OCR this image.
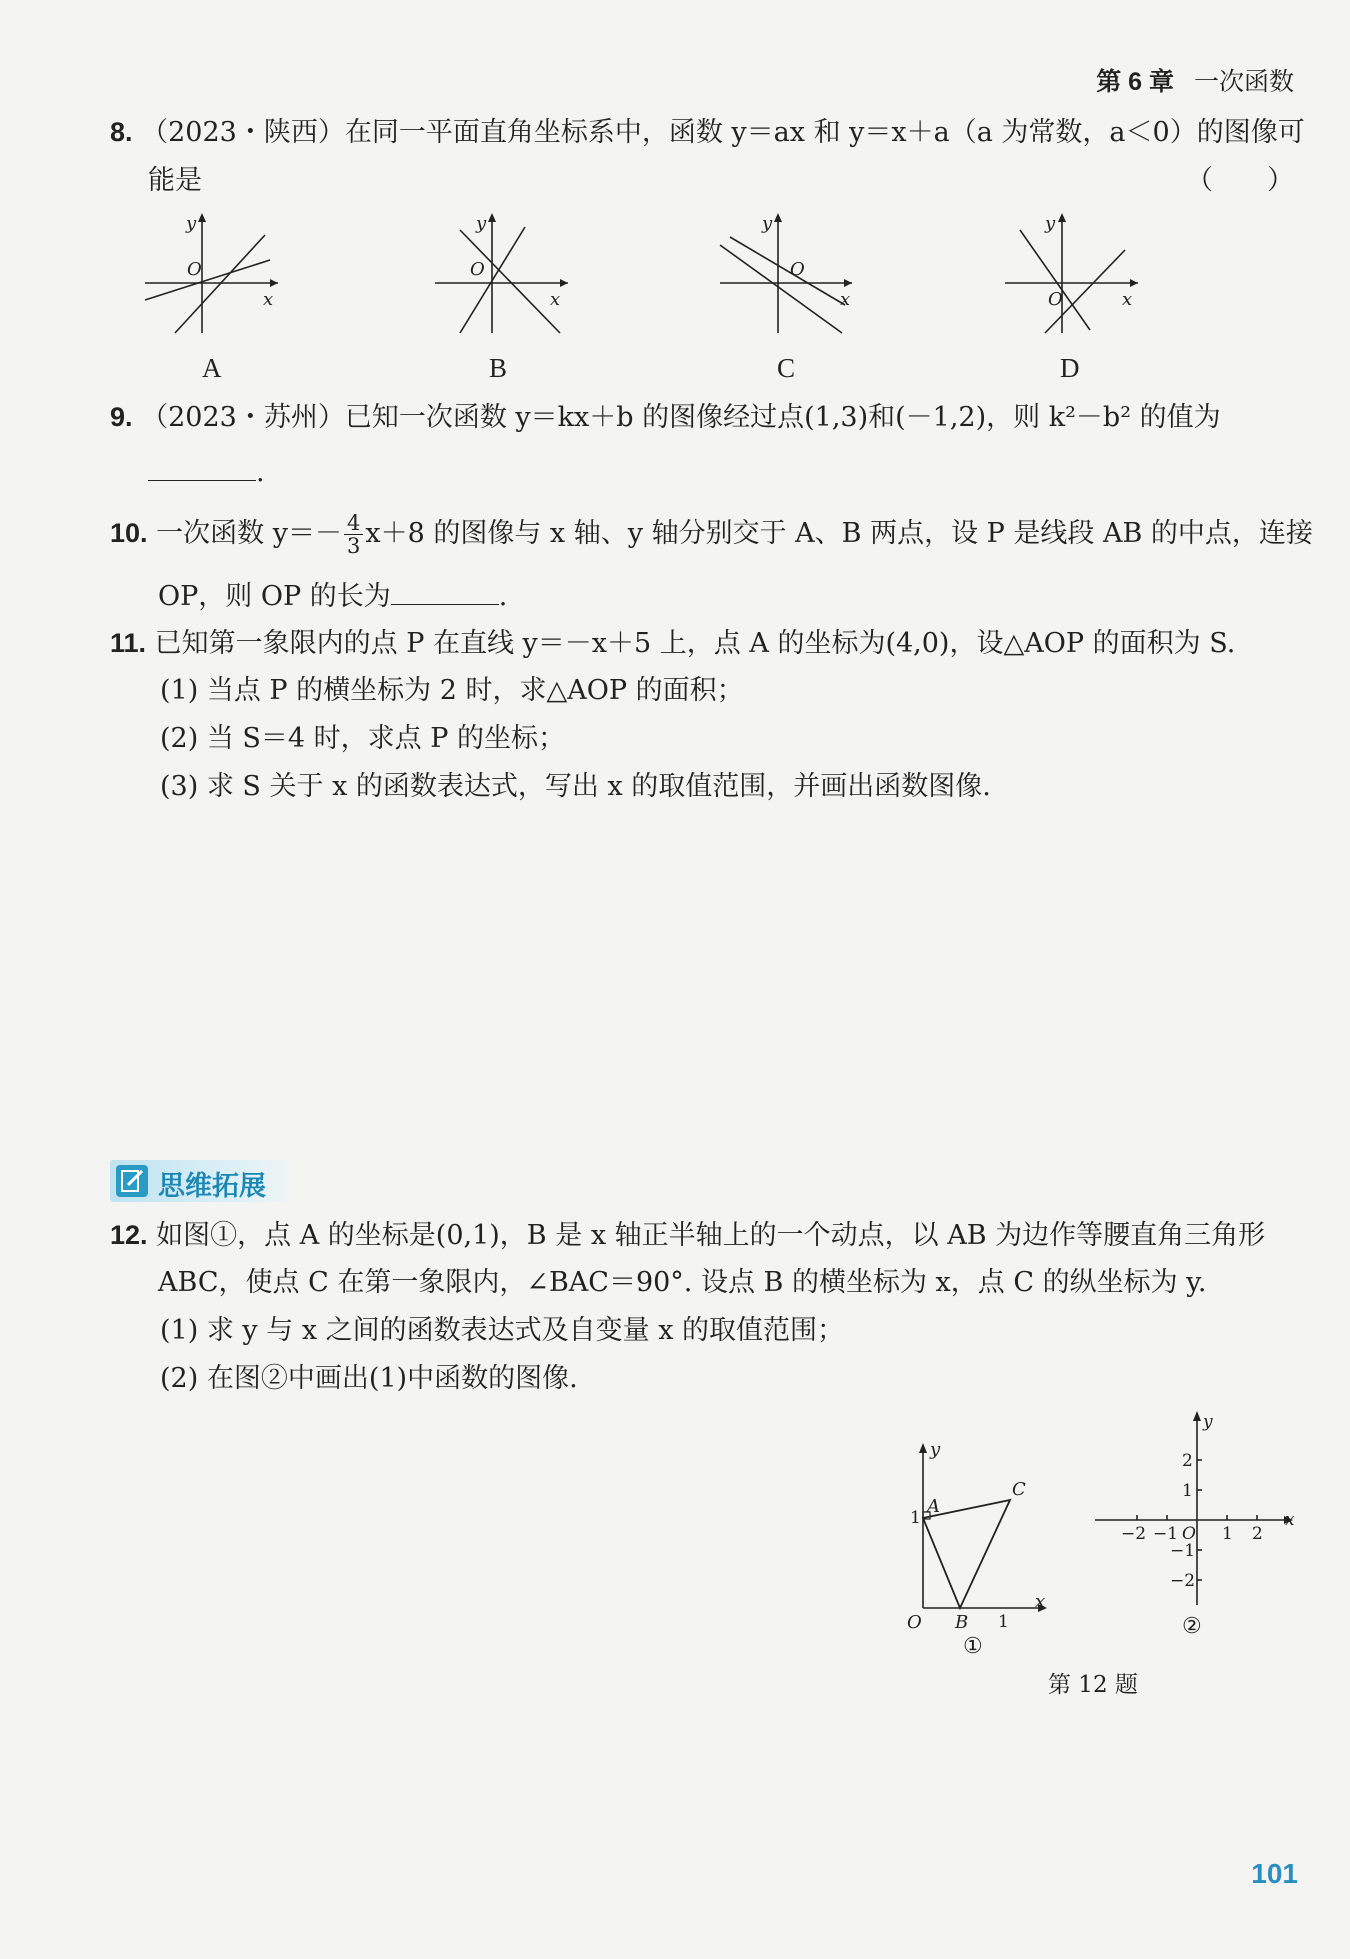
第 6 章 一次函数
8. （2023・陕西）在同一平面直角坐标系中，函数 y＝ax 和 y＝x＋a（a 为常数，a＜0）的图像可
能是	（　　）
y
O
x
y
O
x
y
O
x
y
O	x
A	B	C	D
9. （2023・苏州）已知一次函数 y＝kx＋b 的图像经过点(1,3)和(－1,2)，则 k²－b² 的值为
.
10. 一次函数 $y=- \frac{4}{3} x+8$ 的图像与 x 轴、y 轴分别交于 A、B 两点，设 P 是线段 AB 的中点，连接
OP，则 OP 的长为	.
11. 已知第一象限内的点 P 在直线 y＝－x＋5 上，点 A 的坐标为(4,0)，设△AOP 的面积为 S.
(1) 当点 P 的横坐标为 2 时，求△AOP 的面积；
(2) 当 S＝4 时，求点 P 的坐标；
(3) 求 S 关于 x 的函数表达式，写出 x 的取值范围，并画出函数图像.
思维拓展
12. 如图①，点 A 的坐标是(0,1)，B 是 x 轴正半轴上的一个动点，以 AB 为边作等腰直角三角形
ABC，使点 C 在第一象限内，∠BAC＝90°. 设点 B 的横坐标为 x，点 C 的纵坐标为 y.
(1) 求 y 与 x 之间的函数表达式及自变量 x 的取值范围；
(2) 在图②中画出(1)中函数的图像.
y
x
A
C
B
O
1
1
①
y
x
O
−2 −1	1 2
2
1
−1
−2
②
第 12 题
101
